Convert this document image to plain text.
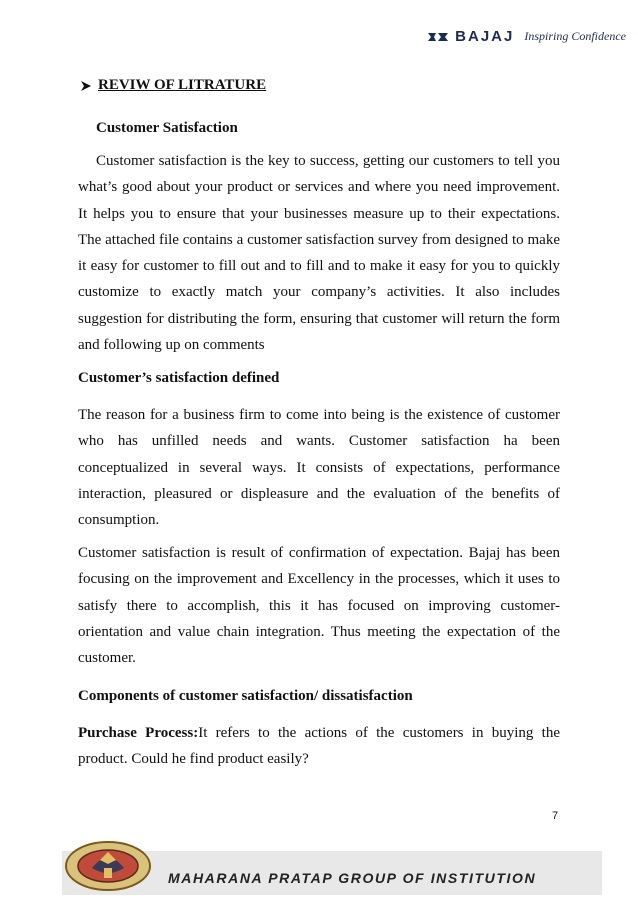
BAJAJ Inspiring Confidence
REVIW OF LITRATURE
Customer Satisfaction

Customer satisfaction is the key to success, getting our customers to tell you what’s good about your product or services and where you need improvement. It helps you to ensure that your businesses measure up to their expectations. The attached file contains a customer satisfaction survey from designed to make it easy for customer to fill out and to fill and to make it easy for you to quickly customize to exactly match your company’s activities. It also includes suggestion for distributing the form, ensuring that customer will return the form and following up on comments

Customer’s satisfaction defined

The reason for a business firm to come into being is the existence of customer who has unfilled needs and wants. Customer satisfaction ha been conceptualized in several ways. It consists of expectations, performance interaction, pleasured or displeasure and the evaluation of the benefits of consumption.

Customer satisfaction is result of confirmation of expectation. Bajaj has been focusing on the improvement and Excellency in the processes, which it uses to satisfy there to accomplish, this it has focused on improving customer-orientation and value chain integration. Thus meeting the expectation of the customer.

Components of customer satisfaction/ dissatisfaction

Purchase Process:It refers to the actions of the customers in buying the product. Could he find product easily?

7
MAHARANA PRATAP GROUP OF INSTITUTION
